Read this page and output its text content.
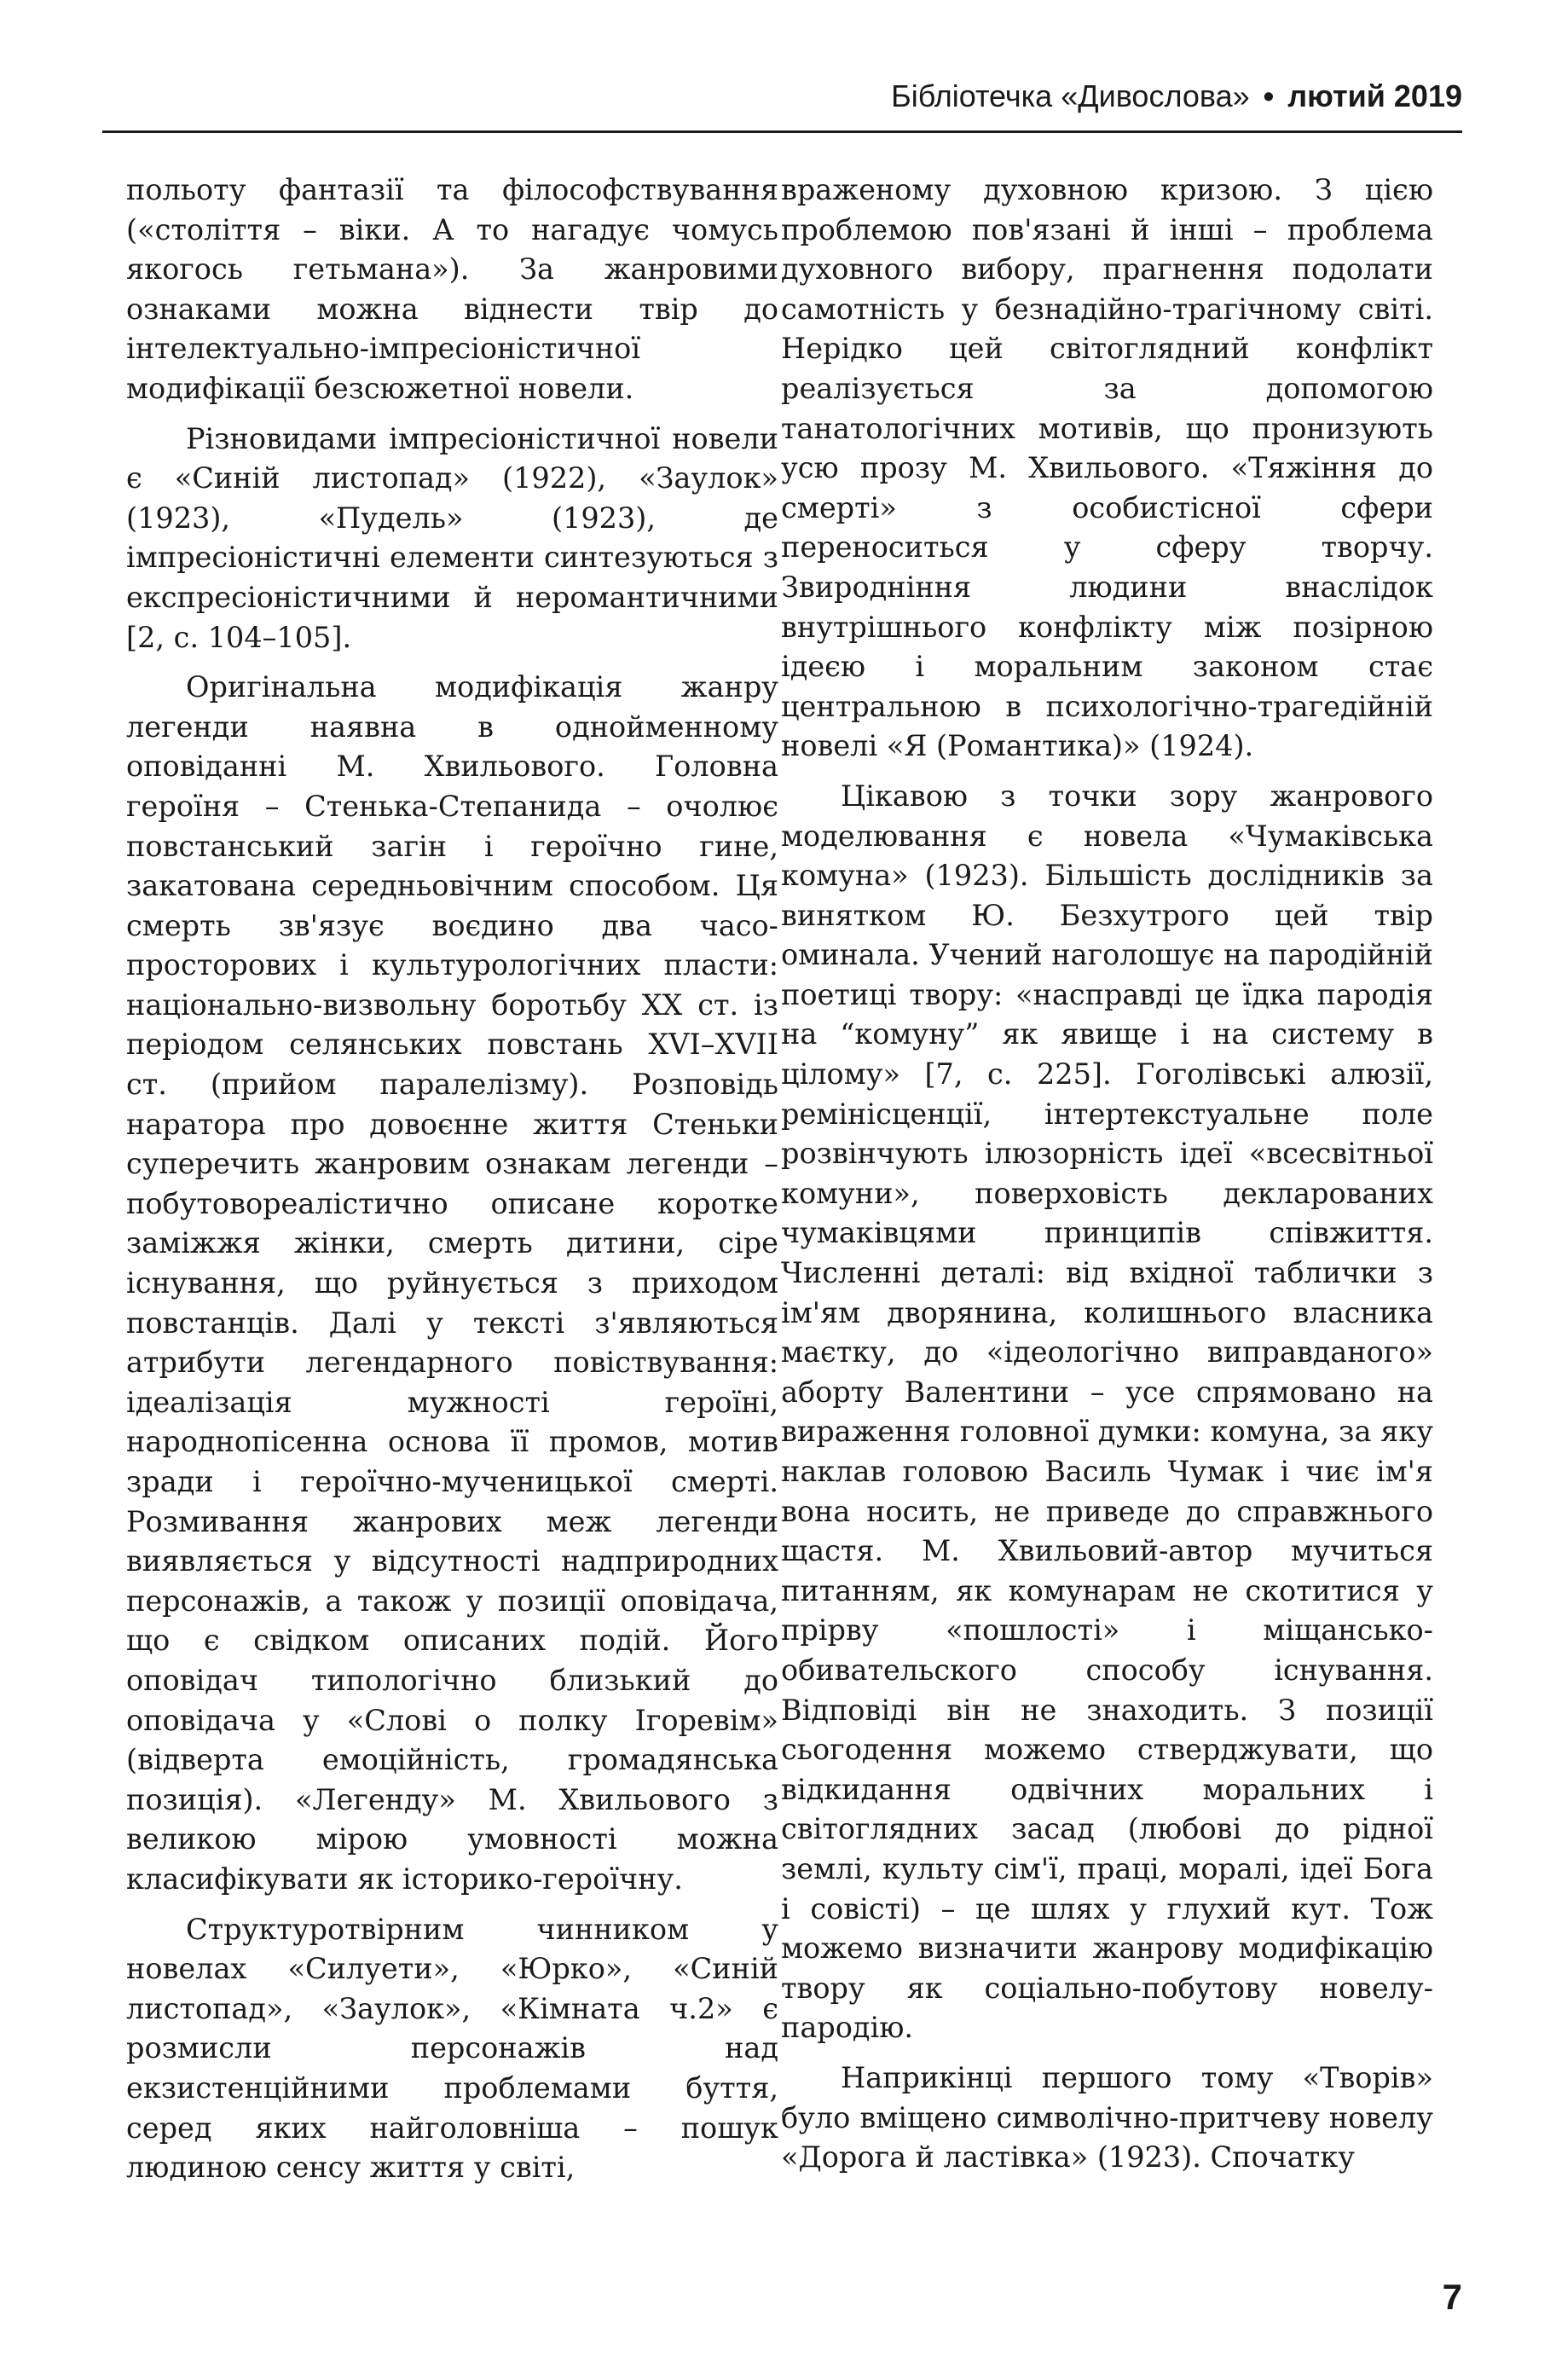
Бібліотечка «Дивослова» • лютий 2019

польоту фантазії та філософствування («століття – віки. А то нагадує чомусь якогось гетьмана»). За жанровими ознаками можна віднести твір до інтелектуально-імпресіоністичної модифікації безсюжетної новели.

Різновидами імпресіоністичної новели є «Синій листопад» (1922), «Заулок» (1923), «Пудель» (1923), де імпресіоністичні елементи синтезуються з експресіоністичними й неромантичними [2, с. 104–105].

Оригінальна модифікація жанру легенди наявна в однойменному оповіданні М. Хвильового. Головна героїня – Стенька-Степанида – очолює повстанський загін і героїчно гине, закатована середньовічним способом. Ця смерть зв'язує воєдино два часо-просторових і культурологічних пласти: національно-визвольну боротьбу XX ст. із періодом селянських повстань XVI–XVII ст. (прийом паралелізму). Розповідь наратора про довоєнне життя Стеньки суперечить жанровим ознакам легенди – побутовореалістично описане коротке заміжжя жінки, смерть дитини, сіре існування, що руйнується з приходом повстанців. Далі у тексті з'являються атрибути легендарного повіствування: ідеалізація мужності героїні, народнопісенна основа її промов, мотив зради і героїчно-мученицької смерті. Розмивання жанрових меж легенди виявляється у відсутності надприродних персонажів, а також у позиції оповідача, що є свідком описаних подій. Його оповідач типологічно близький до оповідача у «Слові о полку Ігоревім» (відверта емоційність, громадянська позиція). «Легенду» М. Хвильового з великою мірою умовності можна класифікувати як історико-героїчну.

Структуротвірним чинником у новелах «Силуети», «Юрко», «Синій листопад», «Заулок», «Кімната ч.2» є розмисли персонажів над екзистенційними проблемами буття, серед яких найголовніша – пошук людиною сенсу життя у світі,

враженому духовною кризою. З цією проблемою пов'язані й інші – проблема духовного вибору, прагнення подолати самотність у безнадійно-трагічному світі. Нерідко цей світоглядний конфлікт реалізується за допомогою танатологічних мотивів, що пронизують усю прозу М. Хвильового. «Тяжіння до смерті» з особистісної сфери переноситься у сферу творчу. Звиродніння людини внаслідок внутрішнього конфлікту між позірною ідеєю і моральним законом стає центральною в психологічно-трагедійній новелі «Я (Романтика)» (1924).

Цікавою з точки зору жанрового моделювання є новела «Чумаківська комуна» (1923). Більшість дослідників за винятком Ю. Безхутрого цей твір оминала. Учений наголошує на пародійній поетиці твору: «насправді це їдка пародія на “комуну” як явище і на систему в цілому» [7, с. 225]. Гоголівські алюзії, ремінісценції, інтертекстуальне поле розвінчують ілюзорність ідеї «всесвітньої комуни», поверховість декларованих чумаківцями принципів співжиття. Численні деталі: від вхідної таблички з ім'ям дворянина, колишнього власника маєтку, до «ідеологічно виправданого» аборту Валентини – усе спрямовано на вираження головної думки: комуна, за яку наклав головою Василь Чумак і чиє ім'я вона носить, не приведе до справжнього щастя. М. Хвильовий-автор мучиться питанням, як комунарам не скотитися у прірву «пошлості» і міщансько-обивательского способу існування. Відповіді він не знаходить. З позиції сьогодення можемо стверджувати, що відкидання одвічних моральних і світоглядних засад (любові до рідної землі, культу сім'ї, праці, моралі, ідеї Бога і совісті) – це шлях у глухий кут. Тож можемо визначити жанрову модифікацію твору як соціально-побутову новелу-пародію.

Наприкінці першого тому «Творів» було вміщено символічно-притчеву новелу «Дорога й ластівка» (1923). Спочатку

7
